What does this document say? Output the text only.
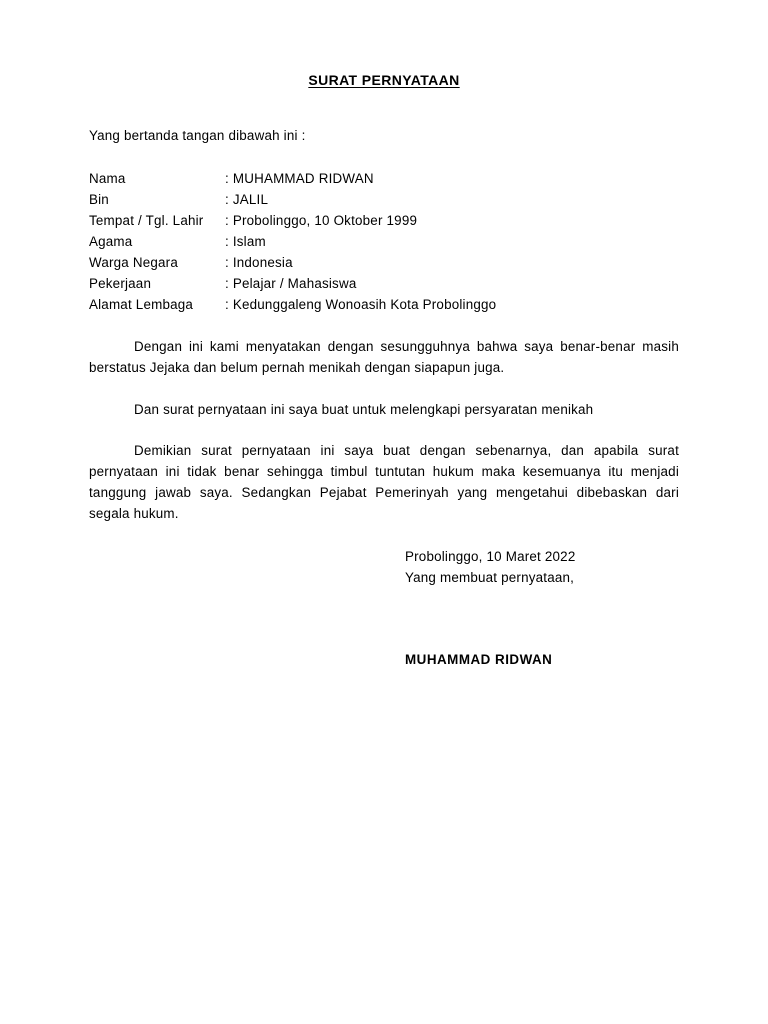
SURAT PERNYATAAN
Yang bertanda tangan dibawah ini :
Nama	: MUHAMMAD RIDWAN
Bin	: JALIL
Tempat / Tgl. Lahir	: Probolinggo, 10 Oktober 1999
Agama	: Islam
Warga Negara	: Indonesia
Pekerjaan	: Pelajar / Mahasiswa
Alamat Lembaga	: Kedunggaleng Wonoasih Kota Probolinggo

Dengan ini kami menyatakan dengan sesungguhnya bahwa saya benar-benar masih berstatus Jejaka dan belum pernah menikah dengan siapapun juga.

Dan surat pernyataan ini saya buat untuk melengkapi persyaratan menikah

Demikian surat pernyataan ini saya buat dengan sebenarnya, dan apabila surat pernyataan ini tidak benar sehingga timbul tuntutan hukum maka kesemuanya itu menjadi tanggung jawab saya. Sedangkan Pejabat Pemerinyah yang mengetahui dibebaskan dari segala hukum.

Probolinggo, 10 Maret 2022
Yang membuat pernyataan,
MUHAMMAD RIDWAN
